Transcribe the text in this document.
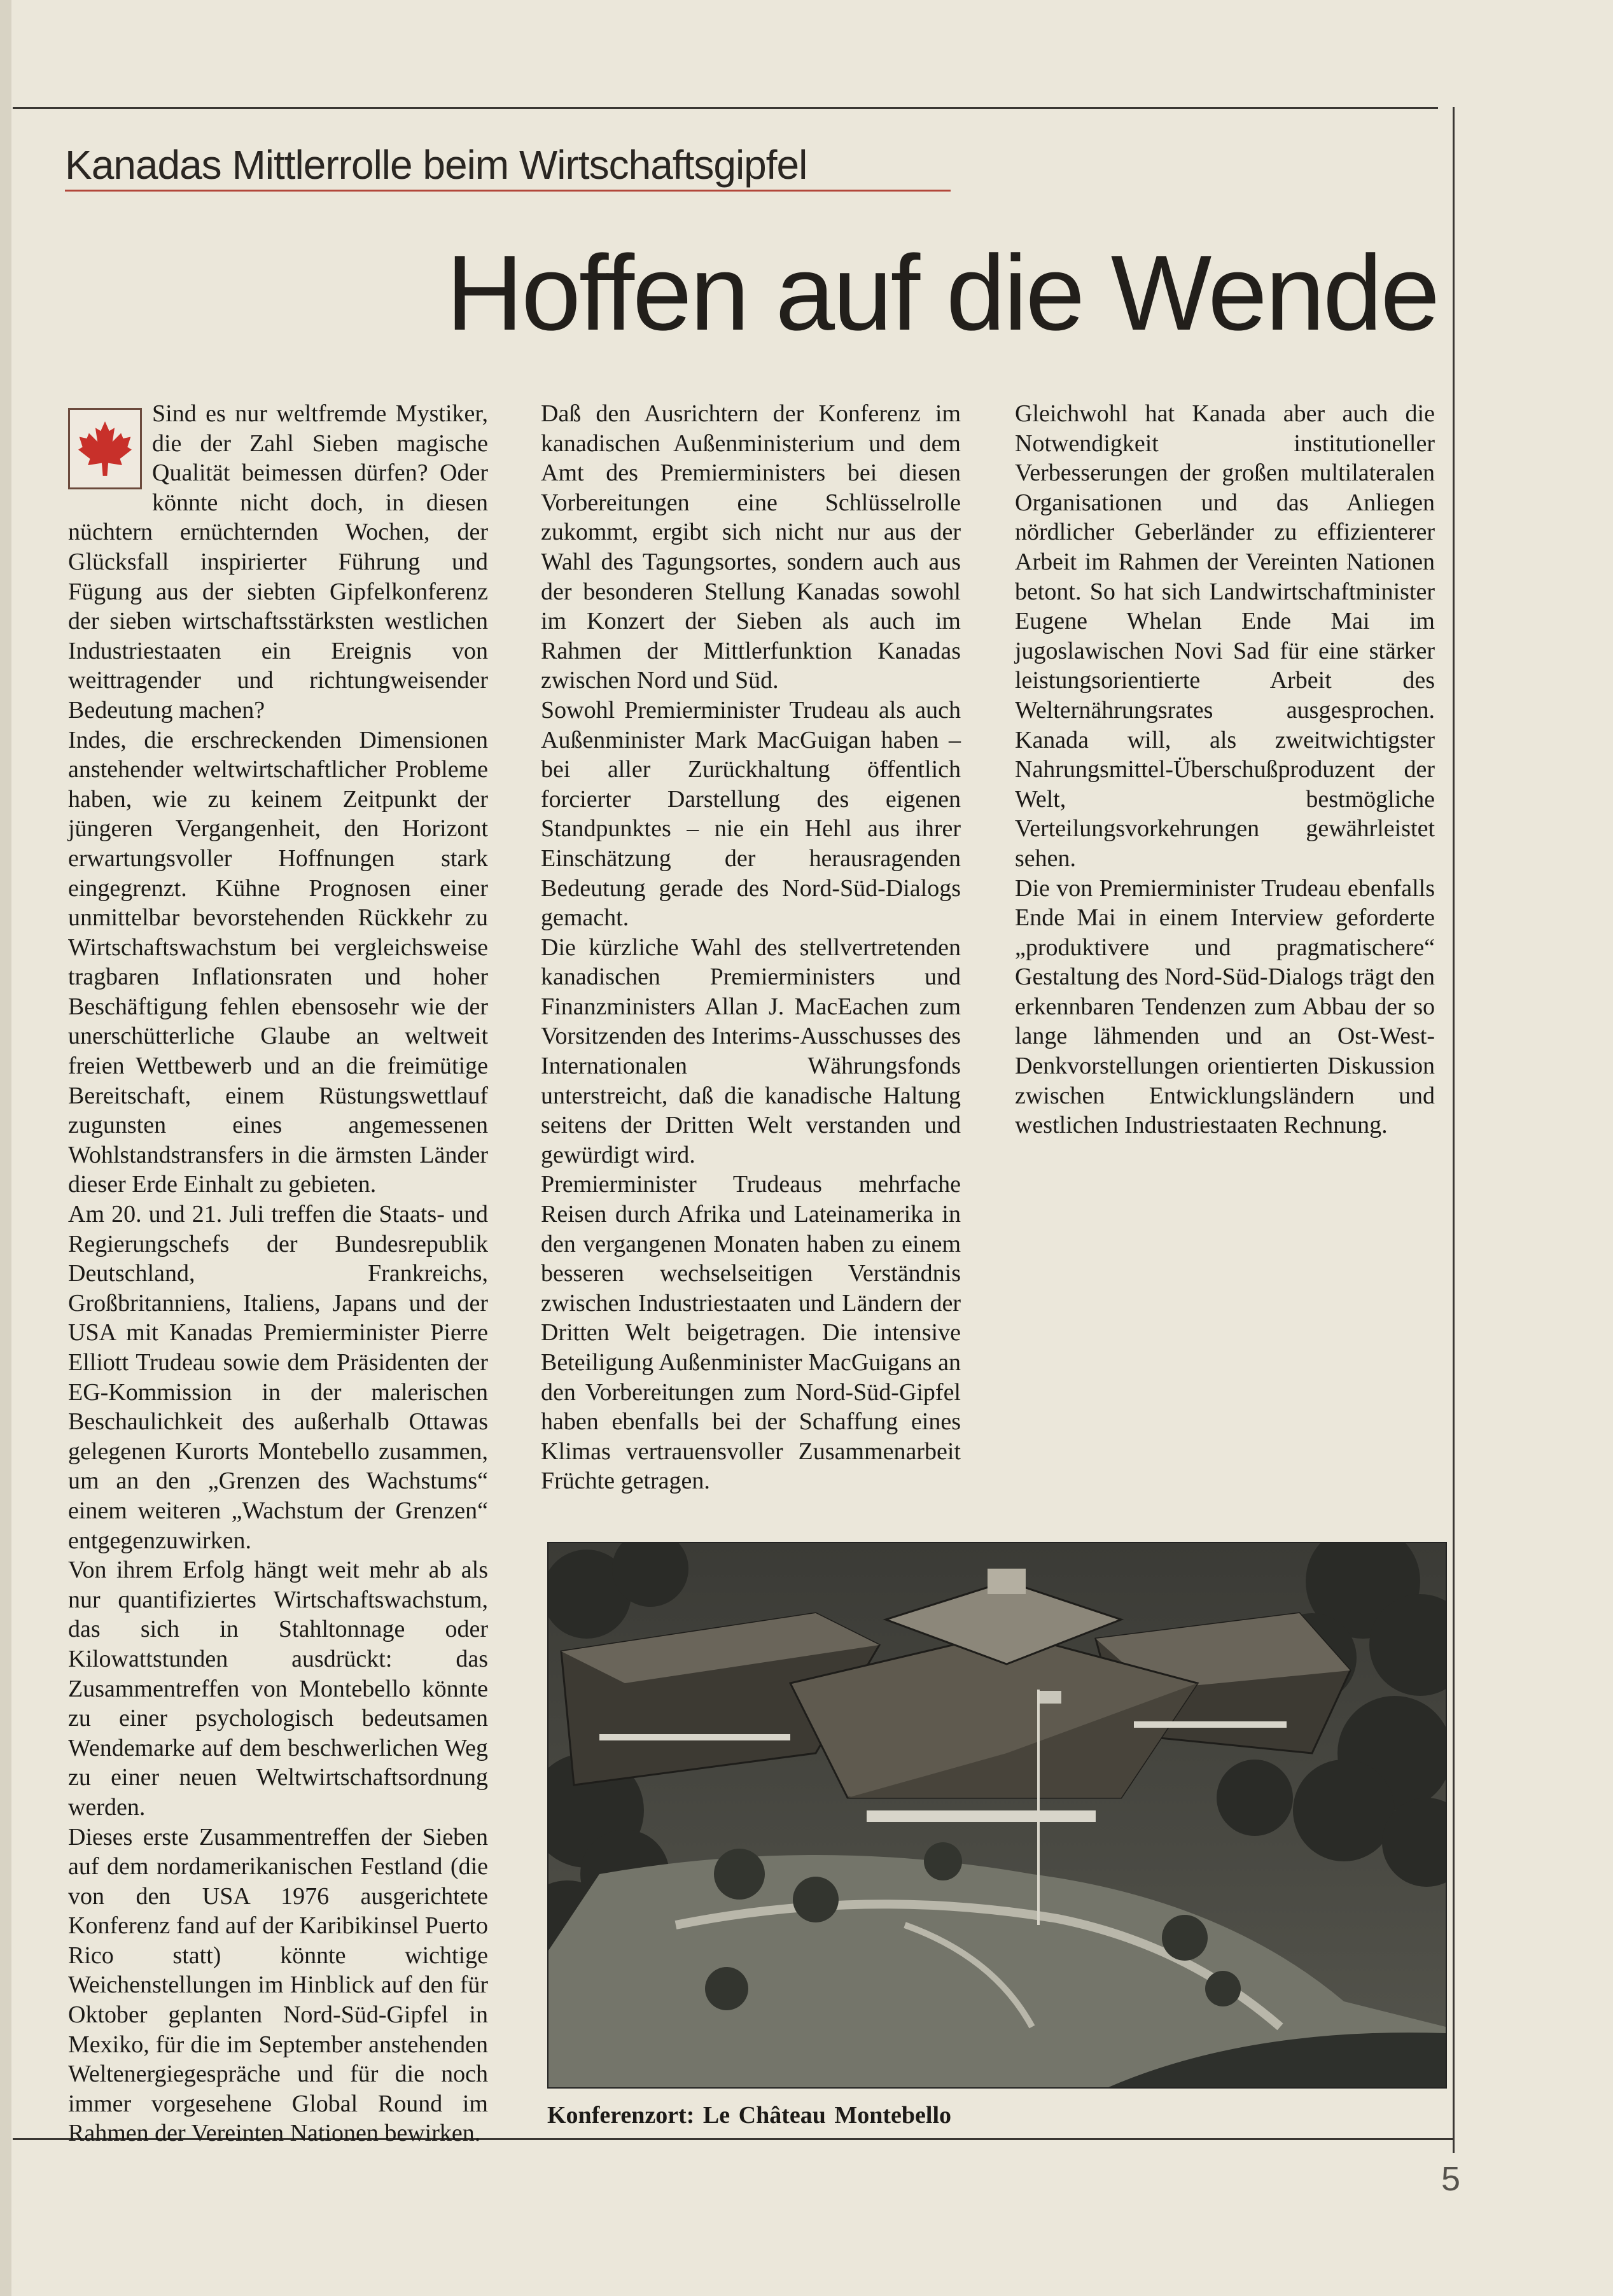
Kanadas Mittlerrolle beim Wirtschaftsgipfel
Hoffen auf die Wende

Sind es nur weltfremde Mystiker, die der Zahl Sieben magische Qualität beimessen dürfen? Oder könnte nicht doch, in diesen nüchtern ernüchternden Wochen, der Glücksfall inspirierter Führung und Fügung aus der siebten Gipfelkonferenz der sieben wirtschaftsstärksten westlichen Industriestaaten ein Ereignis von weittragender und richtungweisender Bedeutung machen?

Indes, die erschreckenden Dimensionen anstehender weltwirtschaftlicher Probleme haben, wie zu keinem Zeitpunkt der jüngeren Vergangenheit, den Horizont erwartungsvoller Hoffnungen stark eingegrenzt. Kühne Prognosen einer unmittelbar bevorstehenden Rückkehr zu Wirtschaftswachstum bei vergleichsweise tragbaren Inflationsraten und hoher Beschäftigung fehlen ebensosehr wie der unerschütterliche Glaube an weltweit freien Wettbewerb und an die freimütige Bereitschaft, einem Rüstungswettlauf zugunsten eines angemessenen Wohlstandstransfers in die ärmsten Länder dieser Erde Einhalt zu gebieten.

Am 20. und 21. Juli treffen die Staats- und Regierungschefs der Bundesrepublik Deutschland, Frankreichs, Großbritanniens, Italiens, Japans und der USA mit Kanadas Premierminister Pierre Elliott Trudeau sowie dem Präsidenten der EG-Kommission in der malerischen Beschaulichkeit des außerhalb Ottawas gelegenen Kurorts Montebello zusammen, um an den „Grenzen des Wachstums“ einem weiteren „Wachstum der Grenzen“ entgegenzuwirken.

Von ihrem Erfolg hängt weit mehr ab als nur quantifiziertes Wirtschaftswachstum, das sich in Stahltonnage oder Kilowattstunden ausdrückt: das Zusammentreffen von Montebello könnte zu einer psychologisch bedeutsamen Wendemarke auf dem beschwerlichen Weg zu einer neuen Weltwirtschaftsordnung werden.

Dieses erste Zusammentreffen der Sieben auf dem nordamerikanischen Festland (die von den USA 1976 ausgerichtete Konferenz fand auf der Karibikinsel Puerto Rico statt) könnte wichtige Weichenstellungen im Hinblick auf den für Oktober geplanten Nord-Süd-Gipfel in Mexiko, für die im September anstehenden Weltenergiegespräche und für die noch immer vorgesehene Global Round im Rahmen der Vereinten Nationen bewirken.

Daß den Ausrichtern der Konferenz im kanadischen Außenministerium und dem Amt des Premierministers bei diesen Vorbereitungen eine Schlüsselrolle zukommt, ergibt sich nicht nur aus der Wahl des Tagungsortes, sondern auch aus der besonderen Stellung Kanadas sowohl im Konzert der Sieben als auch im Rahmen der Mittlerfunktion Kanadas zwischen Nord und Süd.

Sowohl Premierminister Trudeau als auch Außenminister Mark MacGuigan haben – bei aller Zurückhaltung öffentlich forcierter Darstellung des eigenen Standpunktes – nie ein Hehl aus ihrer Einschätzung der herausragenden Bedeutung gerade des Nord-Süd-Dialogs gemacht.

Die kürzliche Wahl des stellvertretenden kanadischen Premierministers und Finanzministers Allan J. MacEachen zum Vorsitzenden des Interims-Ausschusses des Internationalen Währungsfonds unterstreicht, daß die kanadische Haltung seitens der Dritten Welt verstanden und gewürdigt wird.

Premierminister Trudeaus mehrfache Reisen durch Afrika und Lateinamerika in den vergangenen Monaten haben zu einem besseren wechselseitigen Verständnis zwischen Industriestaaten und Ländern der Dritten Welt beigetragen. Die intensive Beteiligung Außenminister MacGuigans an den Vorbereitungen zum Nord-Süd-Gipfel haben ebenfalls bei der Schaffung eines Klimas vertrauensvoller Zusammenarbeit Früchte getragen.

Gleichwohl hat Kanada aber auch die Notwendigkeit institutioneller Verbesserungen der großen multilateralen Organisationen und das Anliegen nördlicher Geberländer zu effizienterer Arbeit im Rahmen der Vereinten Nationen betont. So hat sich Landwirtschaftminister Eugene Whelan Ende Mai im jugoslawischen Novi Sad für eine stärker leistungsorientierte Arbeit des Welternährungsrates ausgesprochen. Kanada will, als zweitwichtigster Nahrungsmittel-Überschußproduzent der Welt, bestmögliche Verteilungsvorkehrungen gewährleistet sehen.

Die von Premierminister Trudeau ebenfalls Ende Mai in einem Interview geforderte „produktivere und pragmatischere“ Gestaltung des Nord-Süd-Dialogs trägt den erkennbaren Tendenzen zum Abbau der so lange lähmenden und an Ost-West-Denkvorstellungen orientierten Diskussion zwischen Entwicklungsländern und westlichen Industriestaaten Rechnung.

Konferenzort: Le Château Montebello
5
